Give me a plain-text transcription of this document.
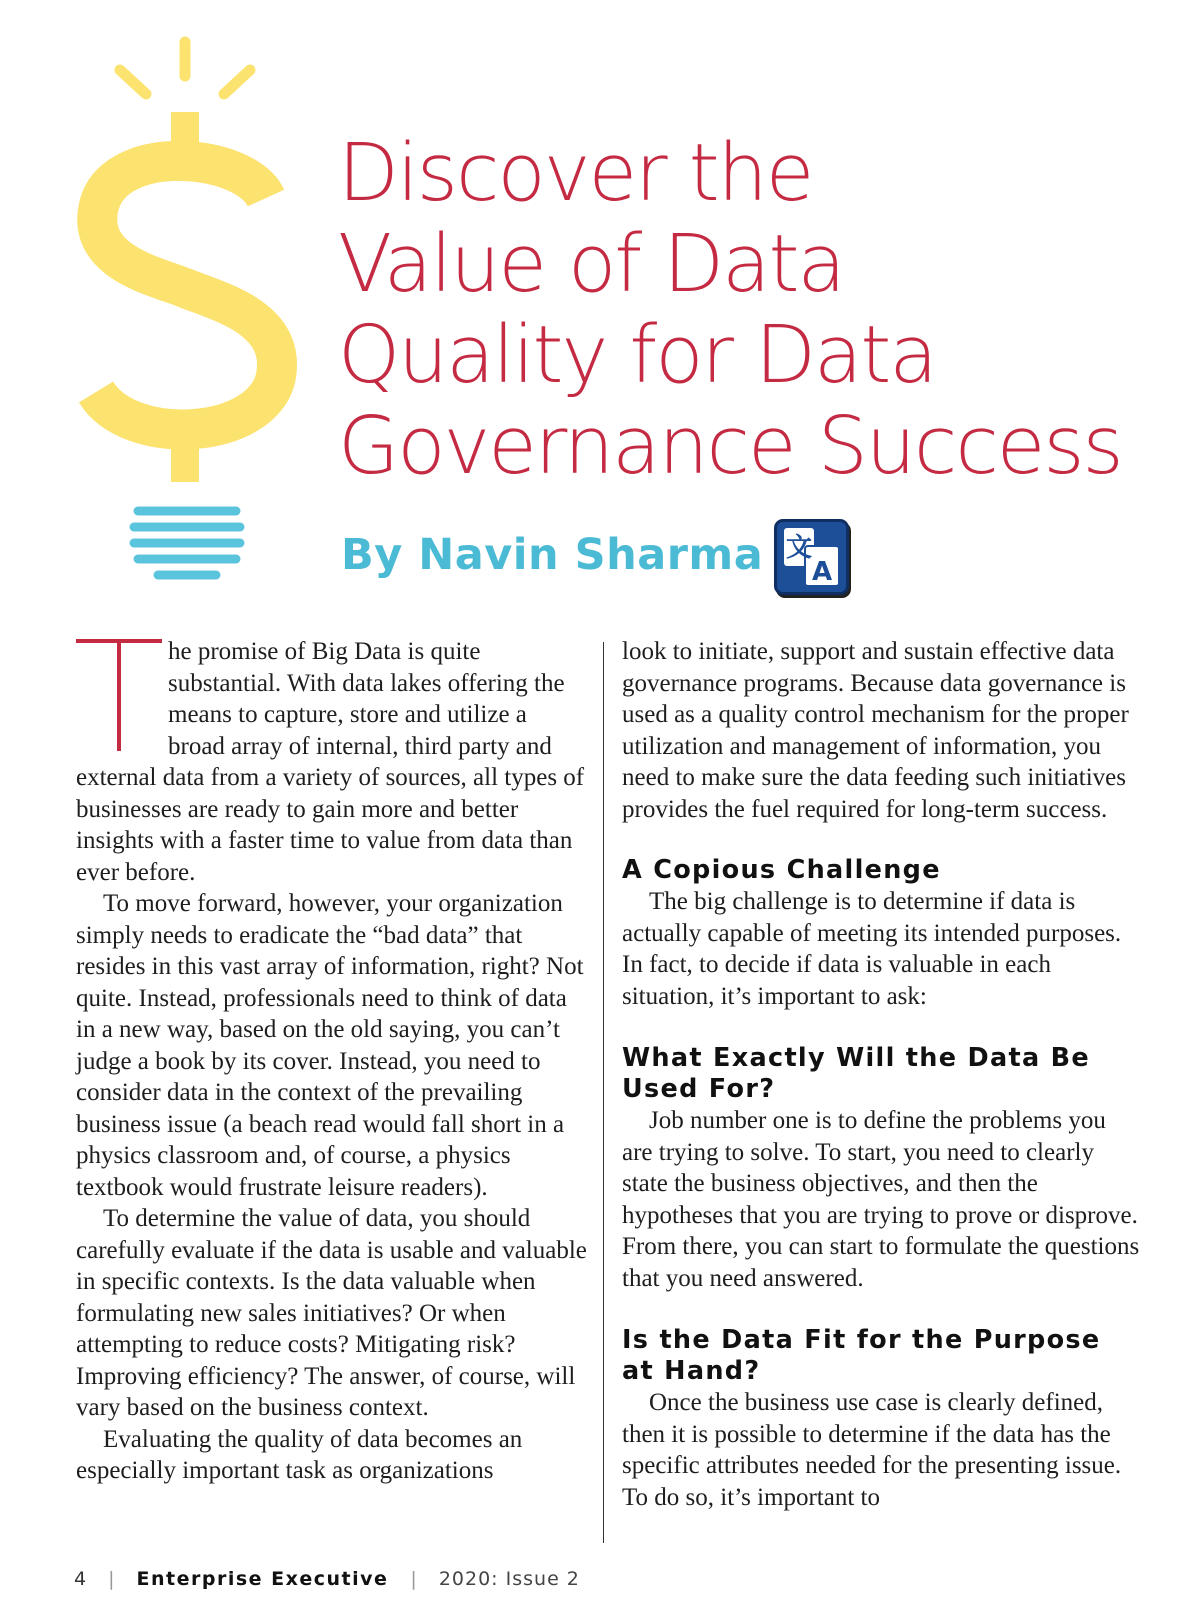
Discover the
Value of Data
Quality for Data
Governance Success
By Navin Sharma 文
A

he promise of Big Data is quite substantial. With data lakes offering the means to capture, store and utilize a broad array of internal, third party and external data from a variety of sources, all types of businesses are ready to gain more and better insights with a faster time to value from data than ever before.

To move forward, however, your organization simply needs to eradicate the “bad data” that resides in this vast array of information, right? Not quite. Instead, professionals need to think of data in a new way, based on the old saying, you can’t judge a book by its cover. Instead, you need to consider data in the context of the prevailing business issue (a beach read would fall short in a physics classroom and, of course, a physics textbook would frustrate leisure readers).

To determine the value of data, you should carefully evaluate if the data is usable and valuable in specific contexts. Is the data valuable when formulating new sales initiatives? Or when attempting to reduce costs? Mitigating risk? Improving efficiency? The answer, of course, will vary based on the business context.

Evaluating the quality of data becomes an especially important task as organizations

look to initiate, support and sustain effective data governance programs. Because data governance is used as a quality control mechanism for the proper utilization and management of information, you need to make sure the data feeding such initiatives provides the fuel required for long-term success.

A Copious Challenge

The big challenge is to determine if data is actually capable of meeting its intended purposes. In fact, to decide if data is valuable in each situation, it’s important to ask:

What Exactly Will the Data Be Used For?

Job number one is to define the problems you are trying to solve. To start, you need to clearly state the business objectives, and then the hypotheses that you are trying to prove or disprove. From there, you can start to formulate the questions that you need answered.

Is the Data Fit for the Purpose at Hand?

Once the business use case is clearly defined, then it is possible to determine if the data has the specific attributes needed for the presenting issue. To do so, it’s important to

4 | Enterprise Executive | 2020: Issue 2
